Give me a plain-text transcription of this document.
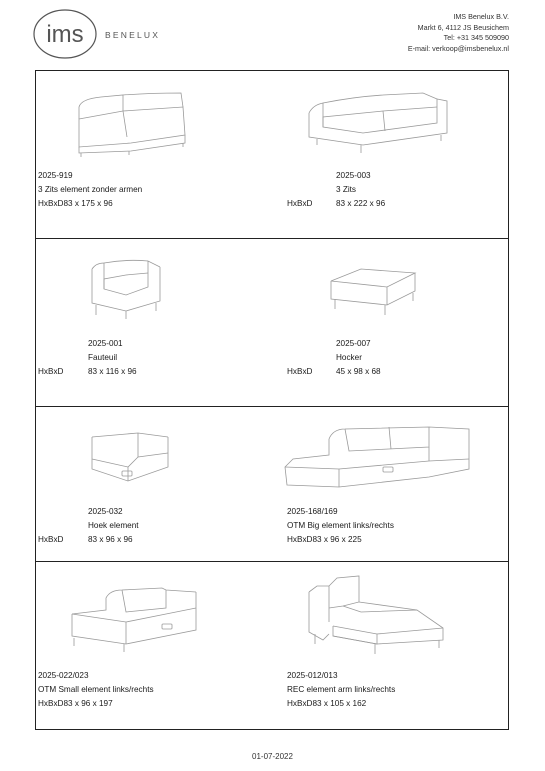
ims	BENELUX
IMS Benelux B.V.
Markt 6, 4112 JS Beusichem
Tel: +31 345 509090
E-mail: verkoop@imsbenelux.nl
2025-919
3 Zits element zonder armen
HxBxD83 x 175 x 96	HxBxD
2025-003
3 Zits
83 x 222 x 96
HxBxD
2025-001
Fauteuil
83 x 116 x 96	HxBxD
2025-007
Hocker
45 x 98 x 68
HxBxD
2025-032
Hoek element
83 x 96 x 96
2025-168/169
OTM Big element links/rechts
HxBxD83 x 96 x 225
2025-022/023
OTM Small element links/rechts
HxBxD83 x 96 x 197
2025-012/013
REC element arm links/rechts
HxBxD83 x 105 x 162
01-07-2022
